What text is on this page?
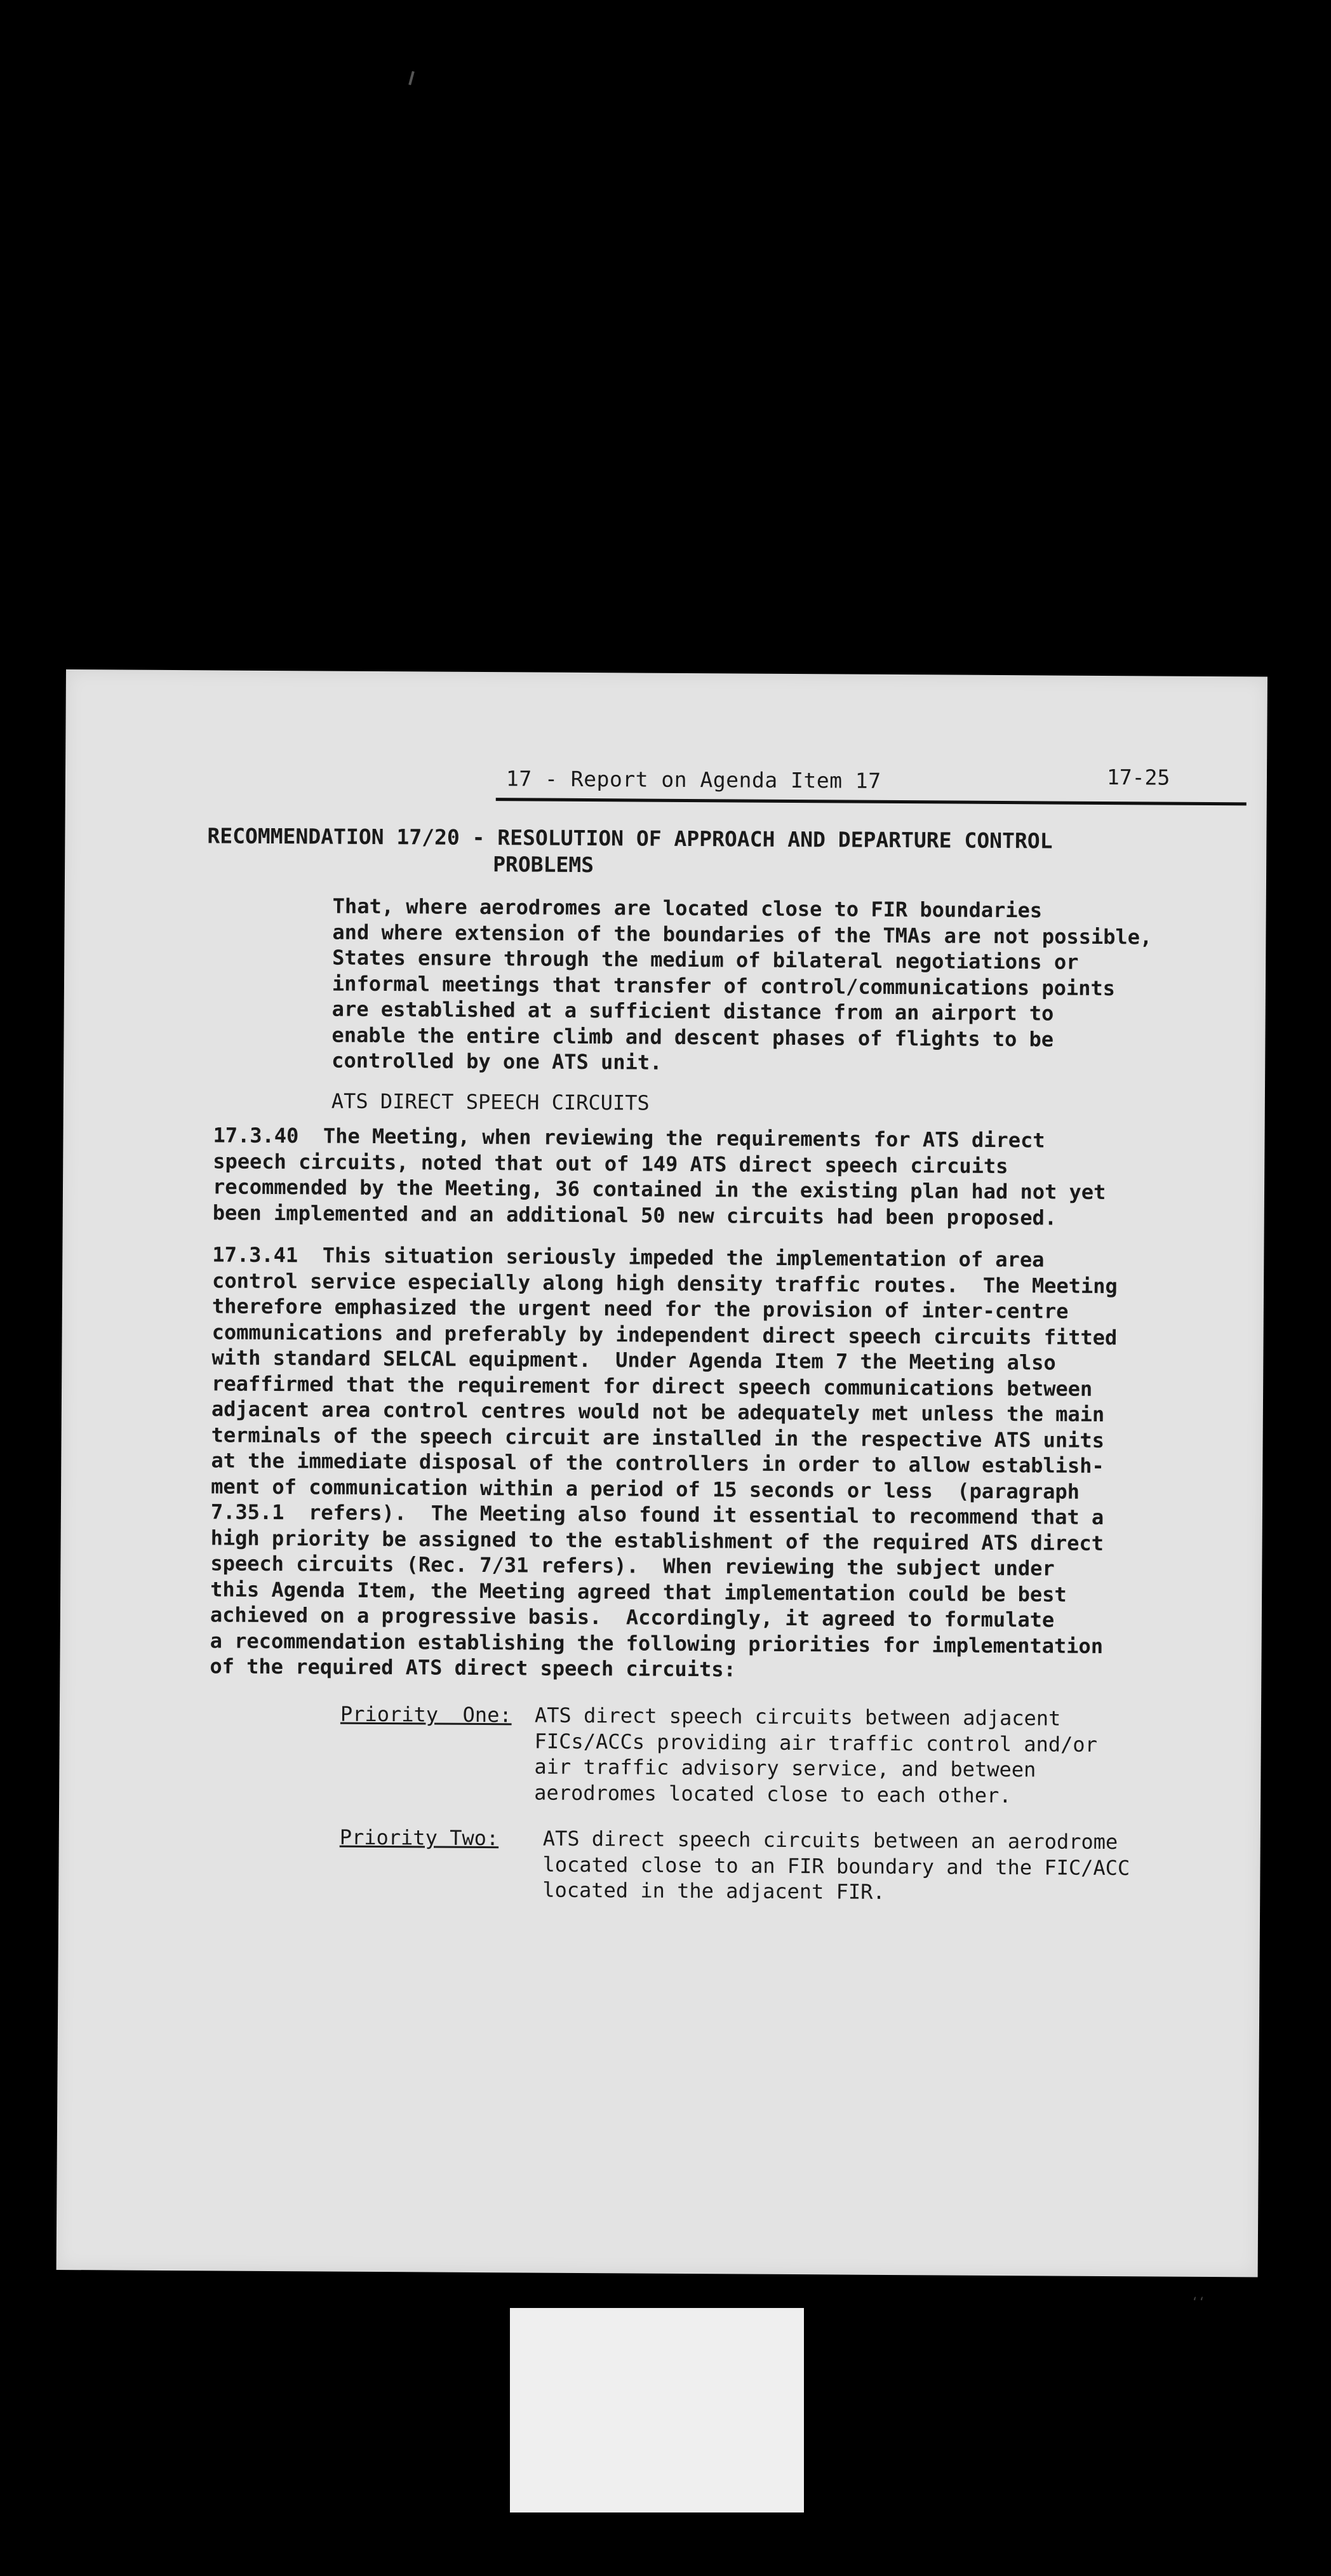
17 - Report on Agenda Item 17	17-25
RECOMMENDATION 17/20 - RESOLUTION OF APPROACH AND DEPARTURE CONTROL
PROBLEMS
That, where aerodromes are located close to FIR boundaries
and where extension of the boundaries of the TMAs are not possible,
States ensure through the medium of bilateral negotiations or
informal meetings that transfer of control/communications points
are established at a sufficient distance from an airport to
enable the entire climb and descent phases of flights to be
controlled by one ATS unit.
ATS DIRECT SPEECH CIRCUITS
17.3.40  The Meeting, when reviewing the requirements for ATS direct
speech circuits, noted that out of 149 ATS direct speech circuits
recommended by the Meeting, 36 contained in the existing plan had not yet
been implemented and an additional 50 new circuits had been proposed.
17.3.41  This situation seriously impeded the implementation of area
control service especially along high density traffic routes.  The Meeting
therefore emphasized the urgent need for the provision of inter-centre
communications and preferably by independent direct speech circuits fitted
with standard SELCAL equipment.  Under Agenda Item 7 the Meeting also
reaffirmed that the requirement for direct speech communications between
adjacent area control centres would not be adequately met unless the main
terminals of the speech circuit are installed in the respective ATS units
at the immediate disposal of the controllers in order to allow establish-
ment of communication within a period of 15 seconds or less  (paragraph
7.35.1  refers).  The Meeting also found it essential to recommend that a
high priority be assigned to the establishment of the required ATS direct
speech circuits (Rec. 7/31 refers).  When reviewing the subject under
this Agenda Item, the Meeting agreed that implementation could be best
achieved on a progressive basis.  Accordingly, it agreed to formulate
a recommendation establishing the following priorities for implementation
of the required ATS direct speech circuits:
Priority  One: ATS direct speech circuits between adjacent
FICs/ACCs providing air traffic control and/or
air traffic advisory service, and between
aerodromes located close to each other.
Priority Two: ATS direct speech circuits between an aerodrome
located close to an FIR boundary and the FIC/ACC
located in the adjacent FIR.
‘‘
